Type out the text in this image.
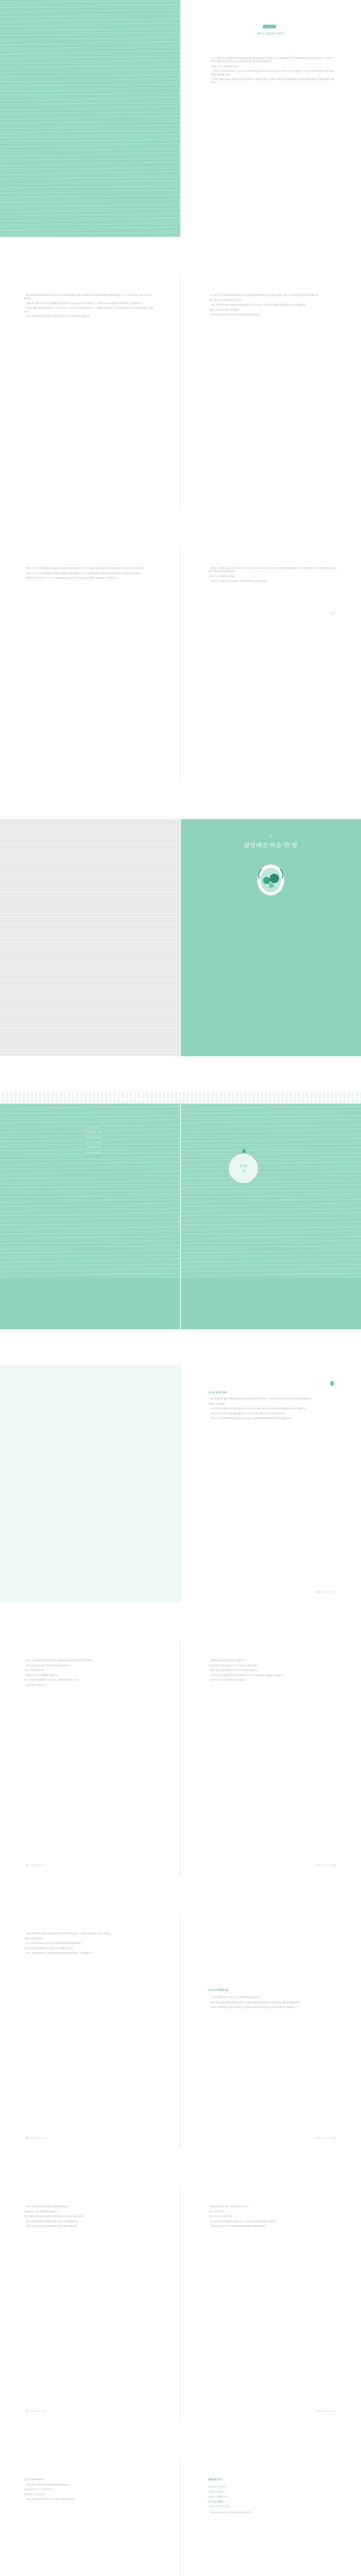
세내는말
해주는 공감 동시 이야기

어느 시골의 작은 교실에서 처음으로 아이들을 만났던 날이 떠오릅니다. 그때 저는 동시 한 편을 칠판에 적어 주고 함께 소리 내어 읽어 보자고 했습니다. 아이들의 목소리가 교실을 가득 채우는 순간, 저는 동시가 가진 힘을 처음으로 알게 되었습니다.

"선생님, 이 시는 꼭 제 이야기 같아요."

한 아이가 수줍게 웃으며 건넨 그 말은 지금도 제 마음에 오래 남아 있습니다. 아이들은 동시 속에서 자기 마음을 발견하고, 친구의 마음을 들여다보며, 조금씩 서로를 이해하는 법을 배워 갑니다.

이 책은 그렇게 아이들과 함께 나눈 동시와 이야기를 모은 것입니다. 짧은 시 한 편이 아이의 하루를 어떻게 바꾸는지, 공감이 어떻게 자라나는지 함께 살펴보고 싶었습니다.

처음 교실에 들어섰을 때 아이들은 서로 눈도 잘 마주치지 못했습니다. 쉬는 시간이면 각자 자리에 앉아 조용히 창밖만 바라보았고, 누가 먼저 말을 걸어 주기를 기다리는 듯했습니다.

그래서 저는 매일 아침 동시 한 편을 함께 읽기로 했습니다. 시 속 주인공의 마음을 짐작해 보고, 그 마음이 내 마음과 닮았는지 이야기해 보는 시간이었습니다.

처음에는 대답이 돌아오지 않았습니다. 그러나 일주일, 이 주일이 지나자 한두 명씩 손을 들기 시작했습니다. 아이들은 시 속 이야기를 빌려 자기 이야기를 꺼내 놓기 시작했습니다.

동시는 아이들에게 말하기 어려운 마음을 대신 전해 주는 작은 다리가 되어 주었습니다.

어느 날은 비 오는 날에 관한 동시를 읽었습니다. 우산을 잃어버린 아이의 이야기가 담긴 시였지요. 시를 다 읽고 나서 한 아이가 조용히 말했습니다.

"저도 우산 없어서 비 맞고 집에 간 적 있어요."

그러자 여기저기서 비슷한 경험들이 쏟아져 나왔습니다. 그날 아이들은 서로의 이야기에 귀를 기울이며 처음으로 크게 웃었습니다.

"괜찮아, 다음엔 내가 같이 쓰고 가 줄게."

작은 목소리로 건넨 그 한마디가 교실의 공기를 바꾸어 놓았습니다.

아이들의 마음은 생각보다 훨씬 깊고 넓었습니다. 어른들이 미처 알아채지 못하는 작은 일에도 기뻐하고 슬퍼하며, 친구의 아픔을 자기 일처럼 느낄 줄 알았습니다.

동시를 읽고 나누는 시간이 쌓일수록 아이들은 서로를 더 잘 알게 되었습니다. 누가 무엇을 좋아하는지, 어떤 일에 마음이 상하는지 자연스럽게 알게 되었지요.

이 책에 실린 이야기들은 모두 그 시간 속에서 피어난 것들입니다. 아이들의 목소리를 최대한 그대로 담으려고 노력했습니다.

책을 읽는 선생님과 부모님, 그리고 아이들 모두가 동시 한 편으로 서로의 마음을 들여다보는 경험을 하기를 바랍니다. 공감은 거창한 것이 아니라 작은 관심에서 시작된다는 것을 이 책이 보여 주었으면 합니다.

"선생님, 오늘은 어떤 시를 읽어요?"

아이들의 그 물음이 앞으로도 오래도록 이어지기를 바라며 이 책을 펴냅니다.

지은이
1장
말랑해진 마음 한 알

비 오는 날에는

우산을 같이 쓰고 싶어

네 어깨가 젖지 않도록

조금 더 기울여 줄게

그게 내가 줄 수 있는

가장 따뜻한 마음이야

동시와
공감
비 오는 날 동시 읽기

비가 내리던 어느 월요일 아침이었습니다. 교실 창문에 빗방울이 톡톡 부딪히는 소리가 들려오자 아이들은 하나둘 창밖을 바라보았습니다.

"선생님, 오늘 비 와요."

저는 칠판에 비에 관한 동시 한 편을 적었습니다. 아이들은 소리 내어 시를 읽으며 빗소리와 시의 리듬이 닮았다고 신기해했습니다.

시를 다 읽고 나서 저는 아이들에게 물었습니다. 비 오는 날 가장 기억에 남는 일은 무엇인지 말이지요.

한 아이는 우산을 잃어버려 울었던 날을, 또 다른 아이는 친구와 함께 물웅덩이를 뛰어넘던 날을 떠올렸습니다.

말랑해진 마음 한 알 1장

정미는 교실 한쪽에서 조용히 이야기를 듣고 있었습니다. 평소에도 말수가 적은 아이였지요.

발표가 끝나갈 무렵 정미가 작은 목소리로 손을 들었습니다.

"저는 비 오는 날이 싫어요."

아이들의 눈이 모두 정미에게로 향했습니다.

"비 오는 날엔 엄마가 데리러 올 수 없거든요. 그래서 혼자 비를 맞고 가요."

교실이 잠시 조용해졌습니다.

1장 말랑해진 마음 한 알

그때 옆자리에 앉은 민준이가 불쑥 말했습니다.

"그럼 다음에 비 오면 나랑 같이 가자. 우리 집 가는 길이랑 같잖아."

정미는 놀란 얼굴로 민준이를 바라보다가 이내 살짝 웃었습니다.

그날 이후 비 오는 날이면 두 아이가 한 우산을 나누어 쓰고 교문을 나서는 모습을 볼 수 있었습니다.

동시 한 편이 두 아이의 마음을 이어 준 것입니다.

말랑해진 마음 한 알 1장

공감은 이렇게 작은 순간에서 시작됩니다. 친구의 이야기에 귀 기울이고, 그 마음을 내 마음처럼 느껴 보는 것이지요.

"선생님, 공감이 뭐예요?"

어느 날 한 아이가 물었습니다. 저는 잠시 생각하다가 이렇게 대답했습니다.

"친구가 슬플 때 같이 슬퍼해 주고, 기쁠 때 같이 기뻐해 주는 거야."

아이는 고개를 끄덕이며 "아, 그럼 민준이가 정미한테 한 게 공감이네요." 하고 말했습니다.

1장 말랑해진 마음 한 알
우산 속의 따뜻한 마음

그 뒤로 아이들은 비 오는 날을 조금씩 다르게 바라보게 되었습니다.

비가 오면 누군가의 우산이 되어 줄 수 있다는 것, 함께 걸어가는 길이 혼자 걷는 길보다 덜 춥다는 것을 알게 되었으니까요.

아이들은 자기만의 비 오는 날 동시를 써 보기도 했습니다. 서툴지만 진심이 담긴 시들이 교실 벽을 가득 채웠습니다.

말랑해진 마음 한 알 1장

동시 쓰기 시간에 아이들은 저마다의 경험을 떠올렸습니다.

"선생님, 저는 무엇을 써야 할지 모르겠어요."

"오늘 아침에 있었던 일을 떠올려 봐. 기분이 어땠는지 그걸 그대로 적어 보면 돼."

아이는 한참을 생각하더니 연필을 꾹 쥐고 한 줄 한 줄 써 내려갔습니다.

완성된 시를 읽어 주던 아이의 목소리에는 자랑스러움이 묻어났습니다.

1장 말랑해진 마음 한 알

아이들의 시를 모아 작은 시집을 만들기로 했습니다.

"제 시도 들어가요?"

"그럼, 모두의 시가 들어갈 거야."

아이들은 자기 시에 어울리는 그림을 그리고, 친구의 시를 읽으며 감상을 적어 주었습니다.

그렇게 만들어진 시집은 아이들에게 세상에서 하나뿐인 보물이 되었습니다.

말랑해진 마음 한 알 1장

"우리 반 시집이 생겼어요!"

시집을 받아 든 아이들의 얼굴에는 환한 웃음이 번졌습니다.

"이건 정미 시야. 비 오는 날에 관한 거."

"민준이 거는 우산 이야기네."

서로의 시를 찾아 읽으며 아이들은 다시 한번 그날을 떠올렸습니다.

함께 읽는 동시

비 오는 날 우산 속에서

너와 나는 가까워졌어

빗소리가 노래처럼 들리고

젖은 신발도 괜찮았어

다음 비가 오면 또 같이 가자

아이들이 직접 쓴 이 시는 우리 반의 노래가 되었습니다.
